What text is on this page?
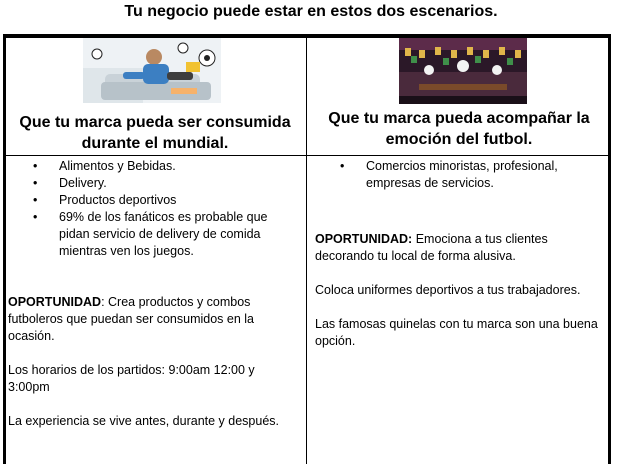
Tu negocio puede estar en estos dos escenarios.
Que tu marca pueda ser consumida durante el mundial.
Que tu marca pueda acompañar la emoción del futbol.
• Alimentos y Bebidas.
• Delivery.
• Productos deportivos
• 69% de los fanáticos es probable que pidan servicio de delivery de comida mientras ven los juegos.

OPORTUNIDAD: Crea productos y combos futboleros que puedan ser consumidos en la ocasión.

Los horarios de los partidos: 9:00am 12:00 y 3:00pm

La experiencia se vive antes, durante y después.

• Comercios minoristas, profesional, empresas de servicios.

OPORTUNIDAD: Emociona a tus clientes decorando tu local de forma alusiva.

Coloca uniformes deportivos a tus trabajadores.

Las famosas quinelas con tu marca son una buena opción.
